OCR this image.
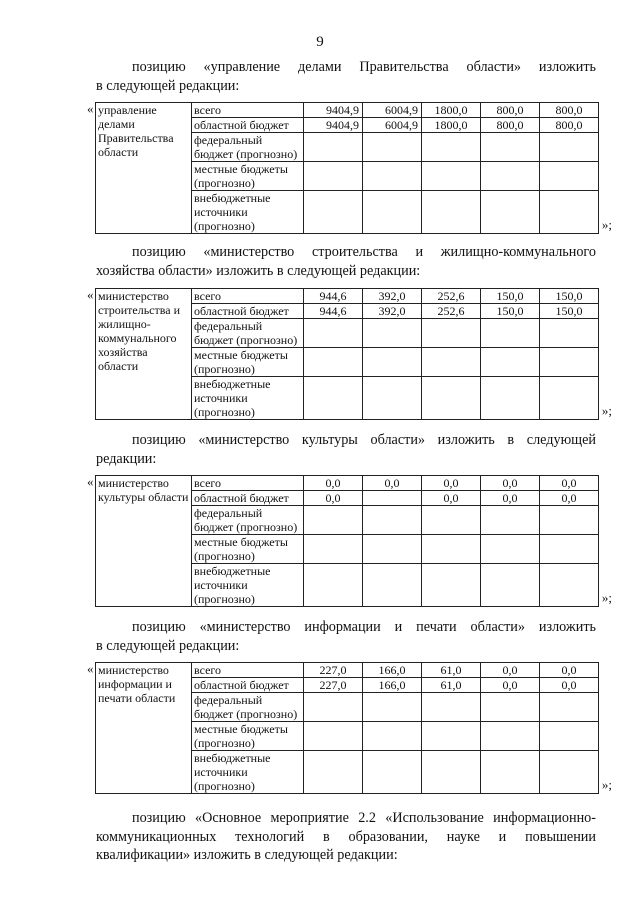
9
позицию «управление делами Правительства области» изложить
в следующей редакции:
« управление делами Правительства области	всего	9404,9	6004,9	1800,0	800,0	800,0
	областной бюджет	9404,9	6004,9	1800,0	800,0	800,0
	федеральный бюджет (прогнозно)					
	местные бюджеты (прогнозно)					
	внебюджетные источники (прогнозно)						»;
позицию «министерство строительства и жилищно-коммунального
хозяйства области» изложить в следующей редакции:
« министерство строительства и жилищно-коммунального хозяйства области	всего	944,6	392,0	252,6	150,0	150,0
	областной бюджет	944,6	392,0	252,6	150,0	150,0
	федеральный бюджет (прогнозно)					
	местные бюджеты (прогнозно)					
	внебюджетные источники (прогнозно)						»;
позицию «министерство культуры области» изложить в следующей
редакции:
« министерство культуры области	всего	0,0	0,0	0,0	0,0	0,0
	областной бюджет	0,0		0,0	0,0	0,0
	федеральный бюджет (прогнозно)					
	местные бюджеты (прогнозно)					
	внебюджетные источники (прогнозно)						»;
позицию «министерство информации и печати области» изложить
в следующей редакции:
« министерство информации и печати области	всего	227,0	166,0	61,0	0,0	0,0
	областной бюджет	227,0	166,0	61,0	0,0	0,0
	федеральный бюджет (прогнозно)					
	местные бюджеты (прогнозно)					
	внебюджетные источники (прогнозно)						»;
позицию «Основное мероприятие 2.2 «Использование информационно-
коммуникационных технологий в образовании, науке и повышении квалификации» изложить в следующей редакции:
